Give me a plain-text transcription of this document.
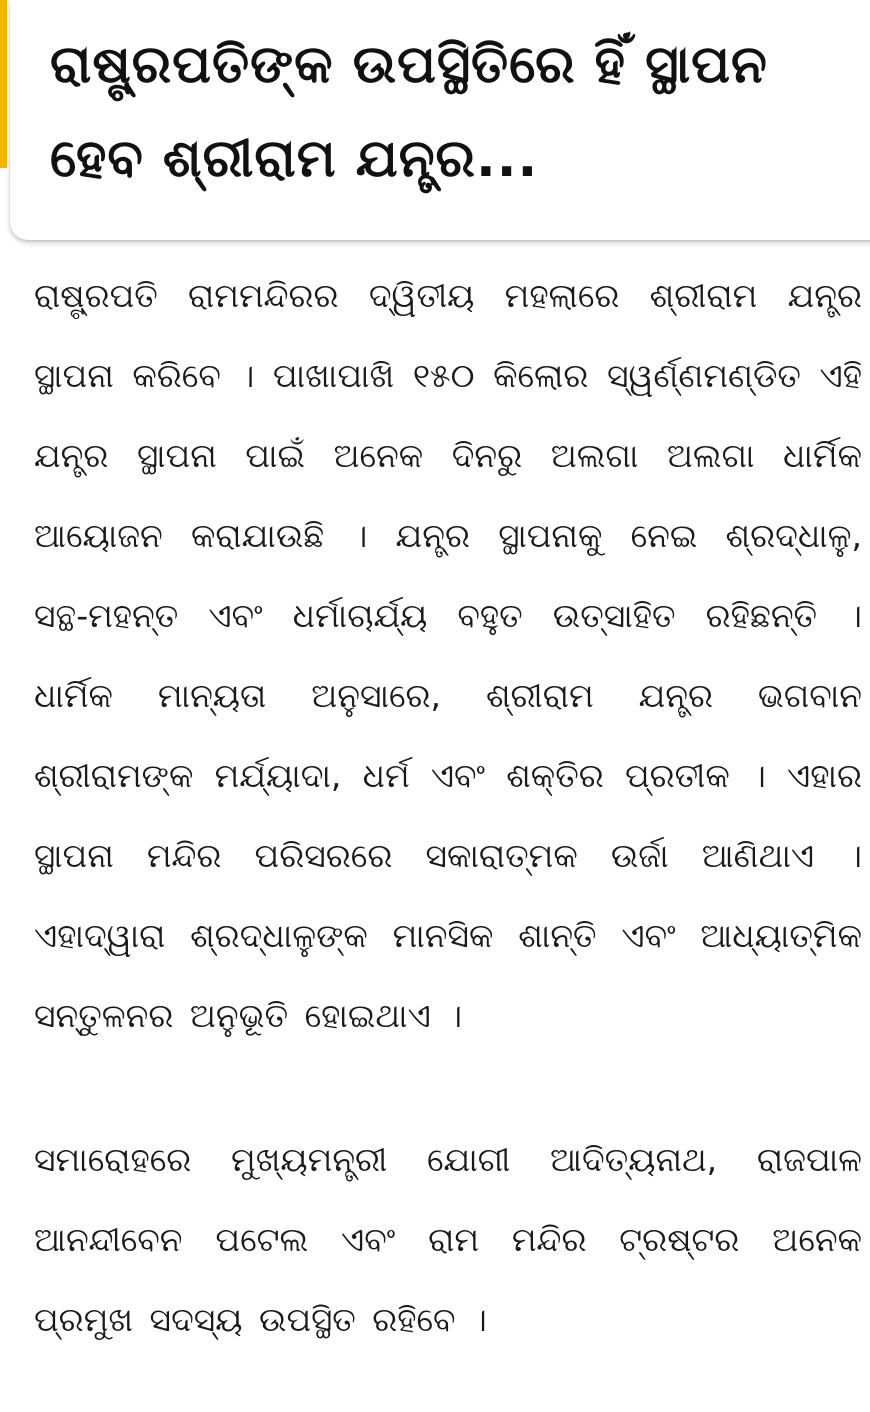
ରାଷ୍ଟ୍ରପତିଙ୍କ ଉପସ୍ଥିତିରେ ହିଁ ସ୍ଥାପନ ହେବ ଶ୍ରୀରାମ ଯନ୍ତ୍ର...

ରାଷ୍ଟ୍ରପତି ରାମମନ୍ଦିରର ଦ୍ୱିତୀୟ ମହଲାରେ ଶ୍ରୀରାମ ଯନ୍ତ୍ର ସ୍ଥାପନା କରିବେ । ପାଖାପାଖି ୧୫୦ କିଲୋର ସ୍ୱର୍ଣ୍ଣମଣ୍ଡିତ ଏହି ଯନ୍ତ୍ର ସ୍ଥାପନା ପାଇଁ ଅନେକ ଦିନରୁ ଅଲଗା ଅଲଗା ଧାର୍ମିକ ଆୟୋଜନ କରାଯାଉଛି । ଯନ୍ତ୍ର ସ୍ଥାପନାକୁ ନେଇ ଶ୍ରଦ୍ଧାଳୁ, ସନ୍ଥ-ମହନ୍ତ ଏବଂ ଧର୍ମାଚାର୍ଯ୍ୟ ବହୁତ ଉତ୍ସାହିତ ରହିଛନ୍ତି । ଧାର୍ମିକ ମାନ୍ୟତା ଅନୁସାରେ, ଶ୍ରୀରାମ ଯନ୍ତ୍ର ଭଗବାନ ଶ୍ରୀରାମଙ୍କ ମର୍ଯ୍ୟାଦା, ଧର୍ମ ଏବଂ ଶକ୍ତିର ପ୍ରତୀକ । ଏହାର ସ୍ଥାପନା ମନ୍ଦିର ପରିସରରେ ସକାରାତ୍ମକ ଉର୍ଜା ଆଣିଥାଏ । ଏହାଦ୍ୱାରା ଶ୍ରଦ୍ଧାଳୁଙ୍କ ମାନସିକ ଶାନ୍ତି ଏବଂ ଆଧ୍ୟାତ୍ମିକ ସନ୍ତୁଳନର ଅନୁଭୂତି ହୋଇଥାଏ ।

ସମାରୋହରେ ମୁଖ୍ୟମନ୍ତ୍ରୀ ଯୋଗୀ ଆଦିତ୍ୟନାଥ, ରାଜପାଳ ଆନନ୍ଦୀବେନ ପଟେଲ ଏବଂ ରାମ ମନ୍ଦିର ଟ୍ରଷ୍ଟର ଅନେକ ପ୍ରମୁଖ ସଦସ୍ୟ ଉପସ୍ଥିତ ରହିବେ ।
